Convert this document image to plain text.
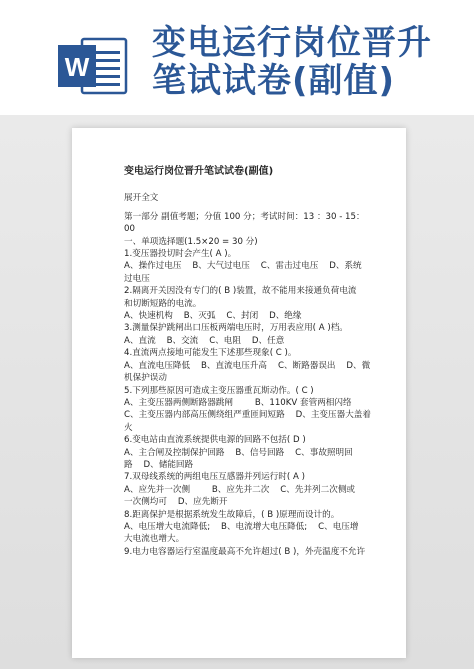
W
变电运行岗位晋升
笔试试卷(副值)
变电运行岗位晋升笔试试卷(副值)
展开全文
第一部分 副值考题；分值 100 分；考试时间：13 ：30 - 15：00
一、单项选择题(1.5×20 = 30 分)
1.变压器投切时会产生( A )。
A、操作过电压    B、大气过电压    C、雷击过电压    D、系统
过电压
2.隔离开关因没有专门的( B )装置，故不能用来接通负荷电流
和切断短路的电流。
A、快速机构    B、灭弧    C、封闭    D、绝缘
3.测量保护跳闸出口压板两端电压时，万用表应用( A )档。
A、直流    B、交流    C、电阻    D、任意
4.直流两点接地可能发生下述那些现象( C )。
A、直流电压降低    B、直流电压升高    C、断路器误出    D、微
机保护误动
5.下列那些原因可造成主变压器重瓦斯动作。( C )
A、主变压器两侧断路器跳闸        B、110KV 套管两相闪络
C、主变压器内部高压侧绕组严重匝间短路    D、主变压器大盖着
火
6.变电站由直流系统提供电源的回路不包括( D )
A、主合闸及控制保护回路    B、信号回路    C、事故照明回
路    D、储能回路
7.双母线系统的两组电压互感器并列运行时( A )
A、应先并一次侧        B、应先并二次    C、先并列二次侧或
一次侧均可    D、应先断开
8.距离保护是根据系统发生故障后，( B )原理而设计的。
A、电压增大电流降低;    B、电流增大电压降低;    C、电压增
大电流也增大。
9.电力电容器运行室温度最高不允许超过( B )，外壳温度不允许
